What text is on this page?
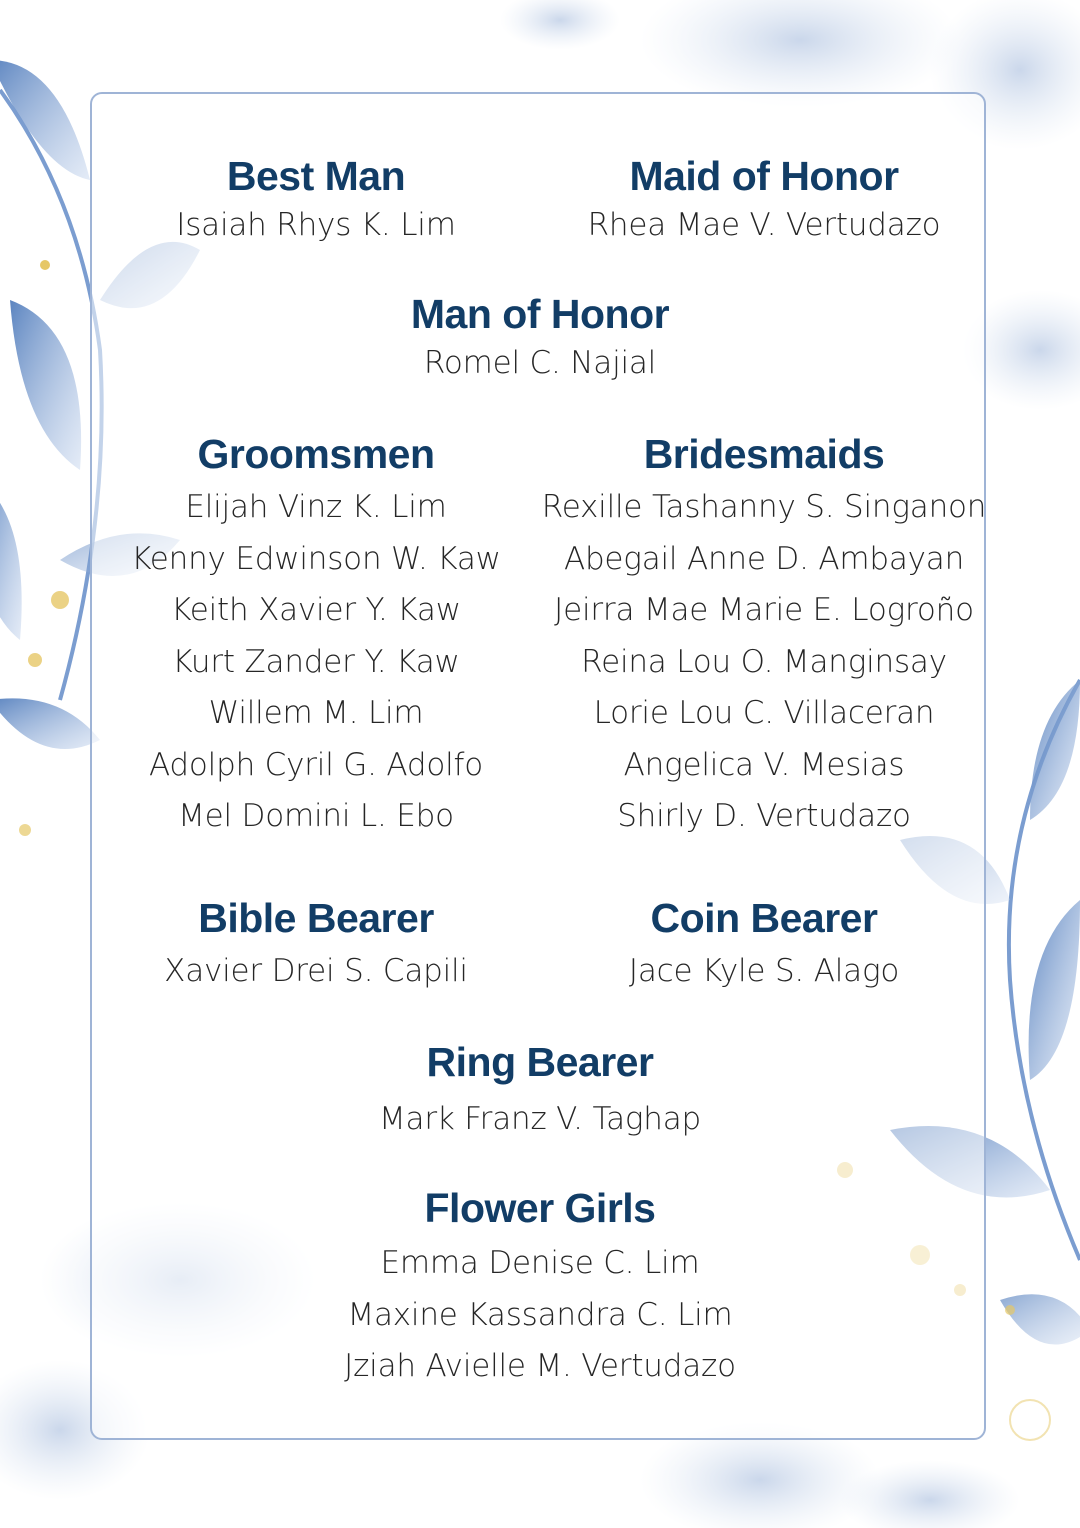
Best Man
Isaiah Rhys K. Lim
Maid of Honor
Rhea Mae V. Vertudazo
Man of Honor
Romel C. Najial
Groomsmen
Elijah Vinz K. Lim
Kenny Edwinson W. Kaw
Keith Xavier Y. Kaw
Kurt Zander Y. Kaw
Willem M. Lim
Adolph Cyril G. Adolfo
Mel Domini L. Ebo
Bridesmaids
Rexille Tashanny S. Singanon
Abegail Anne D. Ambayan
Jeirra Mae Marie E. Logroño
Reina Lou O. Manginsay
Lorie Lou C. Villaceran
Angelica V. Mesias
Shirly D. Vertudazo
Bible Bearer
Xavier Drei S. Capili
Coin Bearer
Jace Kyle S. Alago
Ring Bearer
Mark Franz V. Taghap
Flower Girls
Emma Denise C. Lim
Maxine Kassandra C. Lim
Jziah Avielle M. Vertudazo
